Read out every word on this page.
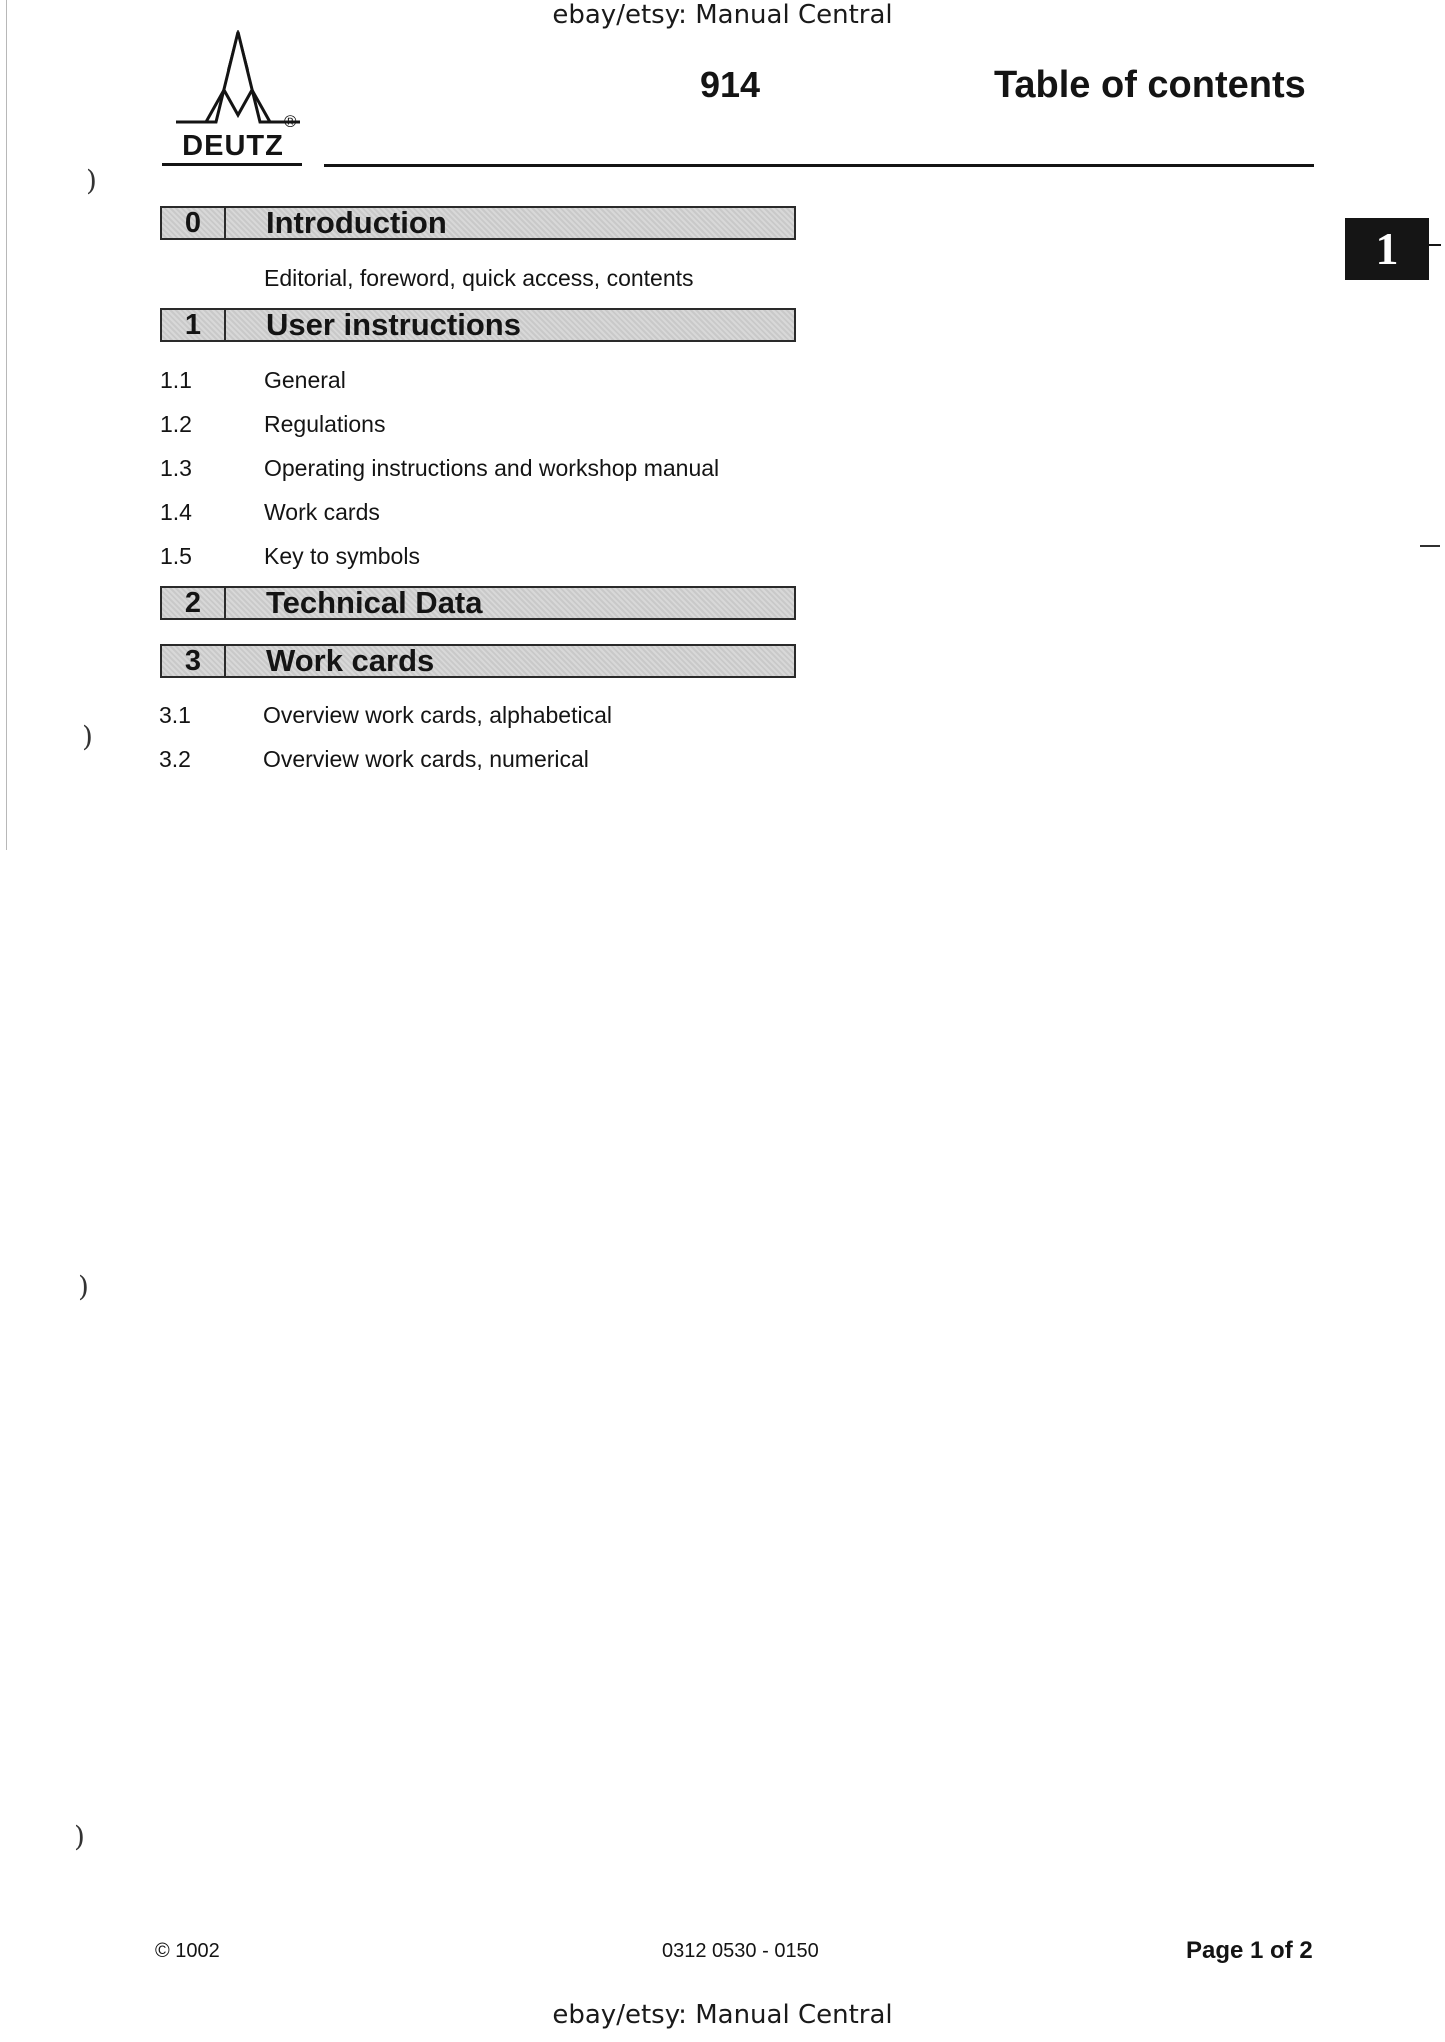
ebay/etsy: Manual Central
®
DEUTZ
914	Table of contents
1
0	Introduction
Editorial, foreword, quick access, contents
1	User instructions
1.1	General
1.2	Regulations
1.3	Operating instructions and workshop manual
1.4	Work cards
1.5	Key to symbols
2	Technical Data
3	Work cards
3.1	Overview work cards, alphabetical
3.2	Overview work cards, numerical
)
)
)
)
© 1002	0312 0530 - 0150	Page 1 of 2
ebay/etsy: Manual Central
